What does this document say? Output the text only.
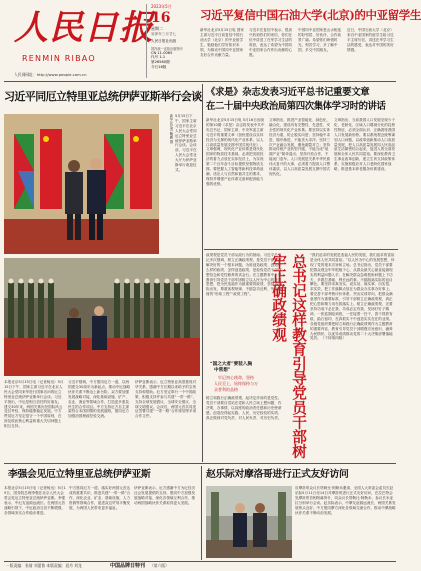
人民日报
RENMIN RIBAO
人民网网址：http://www.people.com.cn
2023年5月
16
星期二
癸卯年三月廿七
人民日报社出版
国内统一连续出版物号
CN 11-0065
代号 1-1
第26560期
今日16版
习近平复信中国石油大学(北京)的中亚留学生
新华社北京5月15日电 国家主席习近平日前复信中国石油大学（北京）的中亚留学生，勉励他们学好知识本领，为推动中国同中亚国家友好合作贡献力量。
习近平在复信中表示，很高兴收到你们的来信，你们在信中讲述了在华学习生活的收获，表达了希望为中国同中亚国家合作作出贡献的心愿。
中国同中亚国家是山水相连的好邻居、好伙伴，合作前景广阔。希望你们珍惜时光，刻苦学习，多了解中国，多交中国朋友。
近日，中国石油大学（北京）来自中亚国家的留学生给习近平主席写信，讲述在华学习生活的感受，表达对中国的美好情感。
习近平同厄立特里亚总统伊萨亚斯举行会谈
新华社记者 鞠鹏 摄 5月15日下午，国家主席习近平在北京人民大会堂同厄立特里亚总统伊萨亚斯举行会谈。会谈前，习近平在人民大会堂北大厅为伊萨亚斯举行欢迎仪式。
本报北京5月15日电（记者杨迅）5月15日下午，国家主席习近平在北京人民大会堂同来华进行国事访问的厄立特里亚总统伊萨亚斯举行会谈。习近平指出，中厄是相互信任的好朋友。建交30年来，两国关系历经国际风云变幻考验，保持健康稳定发展。中方赞赏厄方坚定恪守一个中国原则，在涉及彼此核心利益和重大关切问题上相互支持。
习近平强调，中方愿同厄方一道，以两国建交30周年为新起点，推动中厄战略伙伴关系不断迈上新台阶。双方要加强发展战略对接，深化基础设施、矿产、农业、渔业等领域合作，打造更多惠及民生的合作项目。中方支持厄方自主探索符合本国国情的发展道路，愿同厄方加强治国理政经验交流。
伊萨亚斯表示，厄立特里亚高度重视对华关系，感谢中方长期以来给予的宝贵支持和帮助。厄方坚定奉行一个中国政策，积极支持并参与共建“一带一路”，支持全球发展倡议、全球安全倡议、全球文明倡议。会谈后，两国元首共同见证签署共建“一带一路”合作规划等多项合作文件。
《求是》杂志发表习近平总书记重要文章
在二十届中央政治局第四次集体学习时的讲话
新华社北京5月15日电 5月16日出版的第10期《求是》杂志将发表中共中央总书记、国家主席、中央军委主席习近平的重要文章《加快建设以实体经济为支撑的现代化产业体系，以人口高质量发展支撑中国式现代化》。文章强调，现代化产业体系是现代化国家的物质技术基础，必须把发展经济的着力点放在实体经济上，为实现第二个百年奋斗目标提供坚强物质支撑。要把握人工智能等新科技革命浪潮，适应人与自然和谐共生的要求，保持并增强产业体系完备和配套能力强的优势。
文章指出，推进产业智能化、绿色化、融合化，建设具有完整性、先进性、安全性的现代化产业体系。要坚持以实体经济为重，防止脱实向虚；坚持稳中求进、循序渐进，不能贪大求洋；坚持三次产业融合发展，避免割裂对立；坚持推动传统产业转型升级，不能当成“低端产业”简单退出；坚持开放合作，不能闭门造车。人口发展是关系中华民族伟大复兴的大事，必须着力提高人口整体素质，以人口高质量发展支撑中国式现代化。
文章指出，当前我国人口发展呈现少子化、老龄化、区域人口增减分化的趋势性特征，必须全面认识、正确看待我国人口发展新形势。要以系统观念统筹谋划人口问题，以改革创新推动人口高质量发展，把人口高质量发展同人民高品质生活紧密结合起来，促进人的全面发展和全体人民共同富裕。要深化教育卫生事业改革创新，建立生育支持政策体系，实施积极应对人口老龄化国家战略，推进基本养老服务体系建设。
政绩观是党员干部从政行为的指南。习近平总书记多次强调，树立正确政绩观，是党员干部必须解决好的一个根本问题。为谁创造政绩、创造什么样的政绩、怎样创造政绩，是检验党员干部理想信念和党性修养的试金石。在主题教育中，要教育引导党员干部牢固树立以人民为中心的发展思想，把为民造福作为最重要的政绩，坚持从实际出发，尊重客观规律，不搞急功近利、劳民伤财的“形象工程”“政绩工程”。
“国之大者”要装入胸
中常想”
牢记初心使命，坚持
人民至上，始终保持与万
众普利的品格
树立和践行正确政绩观，起决定作用的是党性。党员干部要自觉站在党和人民立场上想问题、作决策、办事情，以高度的政治责任感和历史使命感，创造经得起实践、人民、历史检验的实绩，真正做到对党负责、对人民负责、对历史负责。 总书记这样教育引导党员干部树牢正确政绩观	“我们追求的发展是造福人民的发展，我们追求的富裕是全体人民共同富裕。”以人民为中心的发展思想，体现了党的根本宗旨和立场。总书记指出，党员干部要把群众观念牢牢根植于心，从群众最关心最直接最现实的利益问题入手，在解决群众急难愁盼问题上下功夫，多做打基础、利长远的事，不搞脱离实际的盲目攀比。要坚持求真务实，说实话、谋实事、出实招、求实效，把工作落脚点放在为群众办实事办好事上。要完善干部考核评价体系，突出实绩导向，把群众满意度作为重要标准，引导干部树立正确政绩观，真正把心思和精力用在抓落实上。树立正确政绩观，还要坚持功成不必在我、功成必定有我，发扬钉钉子精神，一张蓝图绘到底，一任接着一任干，善于抓铁有痕、踏石留印，在真抓实干中创造实实在在的业绩。各级党组织要把树立和践行正确政绩观作为主题教育的重要内容，教育引导党员干部增强宗旨意识，涵养为民情怀，以优异成绩推动党的二十大决策部署落地见效。（下转第四版）
李强会见厄立特里亚总统伊萨亚斯
本报北京5月15日电（记者杨迅）5月15日，国务院总理李强在北京人民大会堂会见厄立特里亚总统伊萨亚斯。李强表示，中厄友谊源远流长。在两国元首战略引领下，中厄政治互信不断增强，各领域务实合作稳步推进。
中方愿同厄方一道，落实好两国元首达成的重要共识，推进共建“一带一路”合作，深化农业、矿业、基础设施、人力资源等领域合作，促进双边贸易平衡发展，为两国人民带来更多福祉。
伊萨亚斯表示，厄方感谢中方为厄经济社会发展提供的支持，愿同中方加强发展战略对接，深化各领域互利合作，推动两国战略伙伴关系取得更大发展。
赵乐际对摩洛哥进行正式友好访问
应摩洛哥众议长塔勒比·阿勒米邀请，全国人大常委会委员长赵乐际5月11日至14日对摩洛哥进行正式友好访问，在拉巴特会见摩洛哥首相阿赫努什，同众议长塔勒比·阿勒米、参议长米亚拉分别举行会谈。赵乐际表示，中摩友谊源远流长，两国关系发展势头良好。中方愿同摩方深化各领域交流合作，推动中摩战略伙伴关系不断向前发展。
一版责编：张倩 刘蕾鲁 本版责编：聂丹 刘龙	中国品牌日特刊 （第六版）
